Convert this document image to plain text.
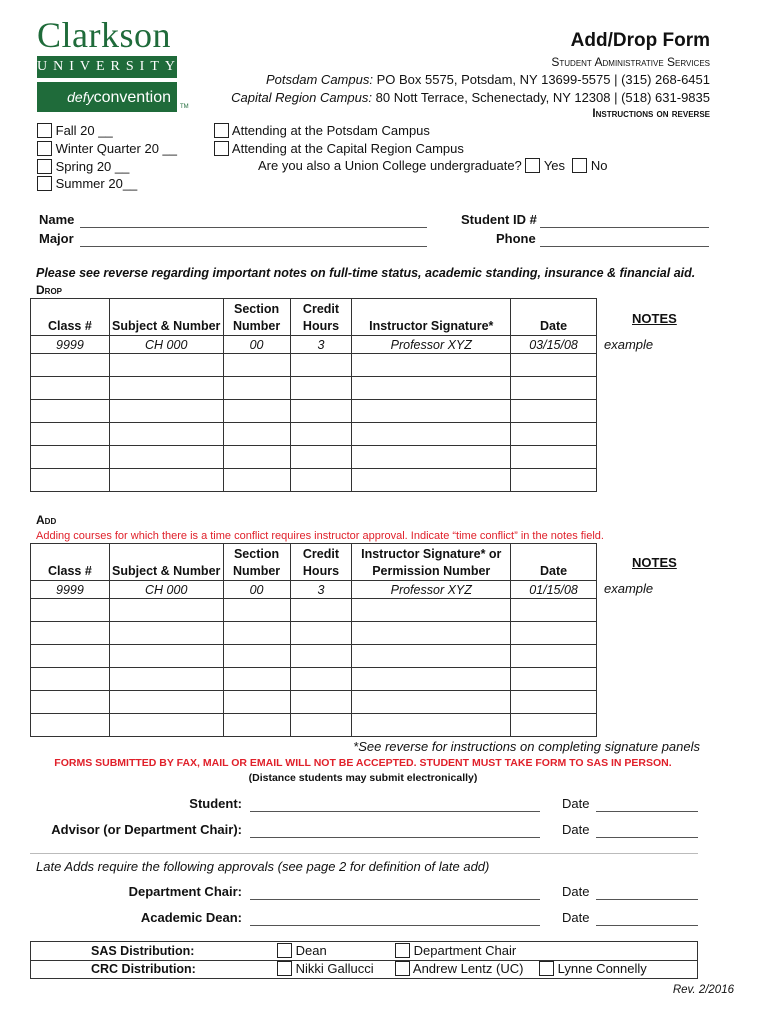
Clarkson
UNIVERSITY
defyconvention
TM
Add/Drop Form
Student Administrative Services
Potsdam Campus: PO Box 5575, Potsdam, NY 13699-5575 | (315) 268-6451
Capital Region Campus: 80 Nott Terrace, Schenectady, NY 12308 | (518) 631-9835
Instructions on reverse
Fall 20 __
Winter Quarter 20 __
Spring 20 __
Summer 20__
Attending at the Potsdam Campus
Attending at the Capital Region Campus
Are you also a Union College undergraduate? Yes No
Name
Major
Student ID #
Phone
Please see reverse regarding important notes on full-time status, academic standing, insurance & financial aid.
Drop
Class #	Subject & Number	Section Number	Credit Hours	Instructor Signature*	Date
9999	CH 000	00	3	Professor XYZ	03/15/08

NOTES
example
Add
Adding courses for which there is a time conflict requires instructor approval. Indicate “time conflict” in the notes field.
Class #	Subject & Number	Section Number	Credit Hours	Instructor Signature* or Permission Number	Date
9999	CH 000	00	3	Professor XYZ	01/15/08

NOTES
example
*See reverse for instructions on completing signature panels
FORMS SUBMITTED BY FAX, MAIL OR EMAIL WILL NOT BE ACCEPTED. STUDENT MUST TAKE FORM TO SAS IN PERSON.
(Distance students may submit electronically)
Student:	Date
Advisor (or Department Chair):	Date
Late Adds require the following approvals (see page 2 for definition of late add)
Department Chair:	Date
Academic Dean:	Date
SAS Distribution:	Dean	Department Chair
CRC Distribution:	Nikki Gallucci	Andrew Lentz (UC)	Lynne Connelly
Rev. 2/2016
